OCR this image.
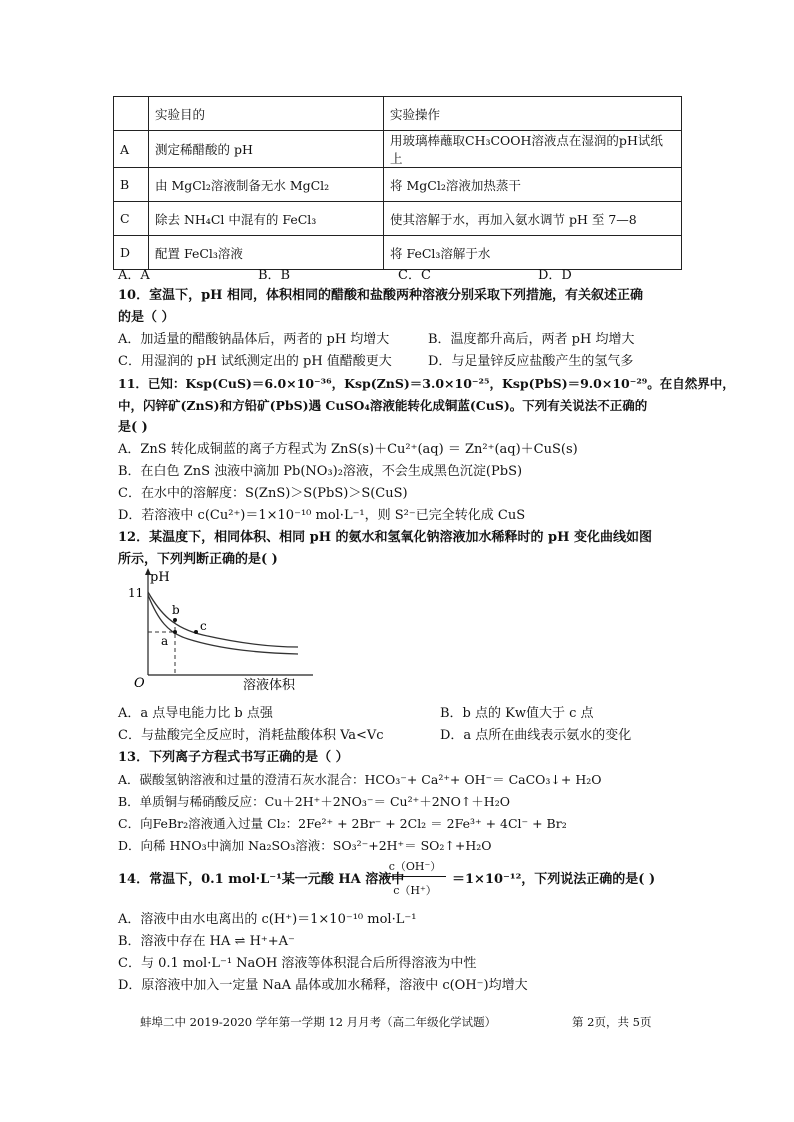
	实验目的	实验操作
A	测定稀醋酸的 pH	用玻璃棒蘸取CH₃COOH溶液点在湿润的pH试纸上
B	由 MgCl₂溶液制备无水 MgCl₂	将 MgCl₂溶液加热蒸干
C	除去 NH₄Cl 中混有的 FeCl₃	使其溶解于水，再加入氨水调节 pH 至 7—8
D	配置 FeCl₃溶液	将 FeCl₃溶解于水
A．A	B．B	C．C	D．D
10．室温下，pH 相同，体积相同的醋酸和盐酸两种溶液分别采取下列措施，有关叙述正确
的是（ ）
A．加适量的醋酸钠晶体后，两者的 pH 均增大	B．温度都升高后，两者 pH 均增大
C．用湿润的 pH 试纸测定出的 pH 值醋酸更大	D．与足量锌反应盐酸产生的氢气多
11．已知：Ksp(CuS)＝6.0×10⁻³⁶，Ksp(ZnS)＝3.0×10⁻²⁵，Ksp(PbS)＝9.0×10⁻²⁹。在自然界中，
中，闪锌矿(ZnS)和方铅矿(PbS)遇 CuSO₄溶液能转化成铜蓝(CuS)。下列有关说法不正确的
是( )
A．ZnS 转化成铜蓝的离子方程式为 ZnS(s)＋Cu²⁺(aq) ＝ Zn²⁺(aq)＋CuS(s)
B．在白色 ZnS 浊液中滴加 Pb(NO₃)₂溶液，不会生成黑色沉淀(PbS)
C．在水中的溶解度：S(ZnS)＞S(PbS)＞S(CuS)
D．若溶液中 c(Cu²⁺)＝1×10⁻¹⁰ mol·L⁻¹，则 S²⁻已完全转化成 CuS
12．某温度下，相同体积、相同 pH 的氨水和氢氧化钠溶液加水稀释时的 pH 变化曲线如图
所示，下列判断正确的是( )
pH
11
O	溶液体积
b
a
c
A．a 点导电能力比 b 点强	B．b 点的 Kw值大于 c 点
C．与盐酸完全反应时，消耗盐酸体积 Va<Vc	D．a 点所在曲线表示氨水的变化
13．下列离子方程式书写正确的是（ ）
A．碳酸氢钠溶液和过量的澄清石灰水混合：HCO₃⁻+ Ca²⁺+ OH⁻＝ CaCO₃↓+ H₂O
B．单质铜与稀硝酸反应：Cu＋2H⁺＋2NO₃⁻＝ Cu²⁺＋2NO↑＋H₂O
C．向FeBr₂溶液通入过量 Cl₂：2Fe²⁺ + 2Br⁻ + 2Cl₂ ＝ 2Fe³⁺ + 4Cl⁻ + Br₂
D．向稀 HNO₃中滴加 Na₂SO₃溶液：SO₃²⁻+2H⁺＝ SO₂↑+H₂O
14．常温下，0.1 mol·L⁻¹某一元酸 HA 溶液中
c（OH⁻）
c（H⁺）
＝1×10⁻¹²，下列说法正确的是( )
A．溶液中由水电离出的 c(H⁺)＝1×10⁻¹⁰ mol·L⁻¹
B．溶液中存在 HA ⇌ H⁺+A⁻
C．与 0.1 mol·L⁻¹ NaOH 溶液等体积混合后所得溶液为中性
D．原溶液中加入一定量 NaA 晶体或加水稀释，溶液中 c(OH⁻)均增大
蚌埠二中 2019-2020 学年第一学期 12 月月考（高二年级化学试题）	第 2页，共 5页
